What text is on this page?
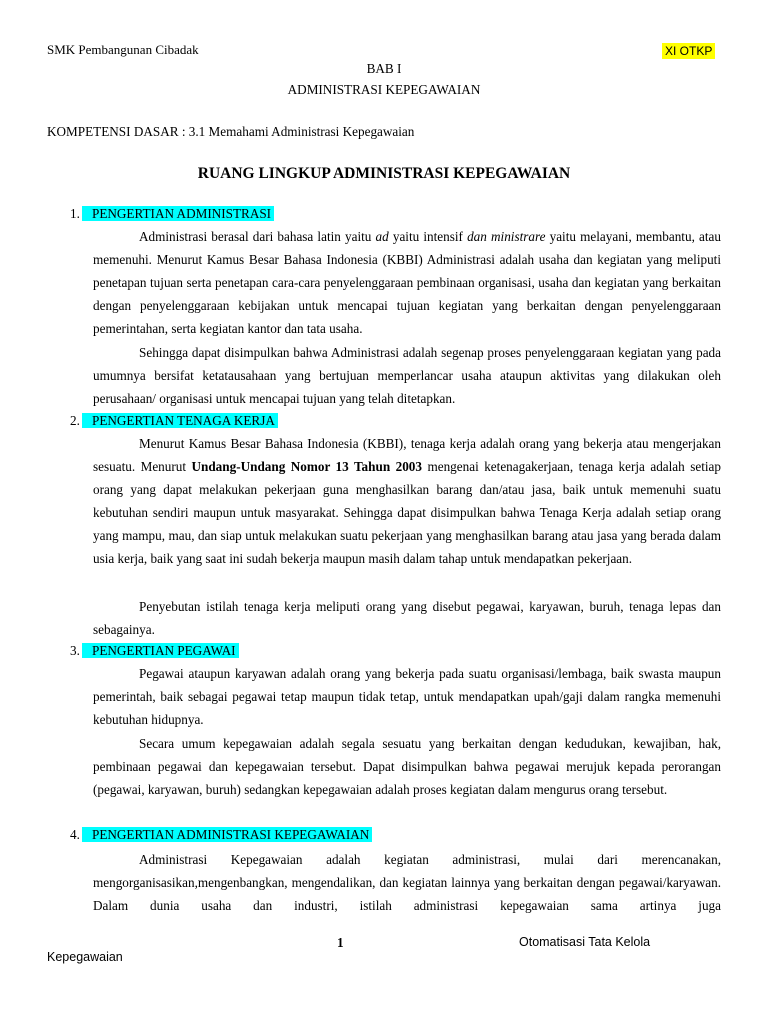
SMK Pembangunan Cibadak	XI OTKP
BAB I
ADMINISTRASI KEPEGAWAIAN
KOMPETENSI DASAR : 3.1 Memahami Administrasi Kepegawaian
RUANG LINGKUP ADMINISTRASI KEPEGAWAIAN
1. PENGERTIAN ADMINISTRASI
Administrasi berasal dari bahasa latin yaitu ad yaitu intensif dan ministrare yaitu melayani, membantu, atau memenuhi. Menurut Kamus Besar Bahasa Indonesia (KBBI) Administrasi adalah usaha dan kegiatan yang meliputi penetapan tujuan serta penetapan cara-cara penyelenggaraan pembinaan organisasi, usaha dan kegiatan yang berkaitan dengan penyelenggaraan kebijakan untuk mencapai tujuan kegiatan yang berkaitan dengan penyelenggaraan pemerintahan, serta kegiatan kantor dan tata usaha.
Sehingga dapat disimpulkan bahwa Administrasi adalah segenap proses penyelenggaraan kegiatan yang pada umumnya bersifat ketatausahaan yang bertujuan memperlancar usaha ataupun aktivitas yang dilakukan oleh perusahaan/ organisasi untuk mencapai tujuan yang telah ditetapkan.
2. PENGERTIAN TENAGA KERJA
Menurut Kamus Besar Bahasa Indonesia (KBBI), tenaga kerja adalah orang yang bekerja atau mengerjakan sesuatu. Menurut Undang-Undang Nomor 13 Tahun 2003 mengenai ketenagakerjaan, tenaga kerja adalah setiap orang yang dapat melakukan pekerjaan guna menghasilkan barang dan/atau jasa, baik untuk memenuhi suatu kebutuhan sendiri maupun untuk masyarakat. Sehingga dapat disimpulkan bahwa Tenaga Kerja adalah setiap orang yang mampu, mau, dan siap untuk melakukan suatu pekerjaan yang menghasilkan barang atau jasa yang berada dalam usia kerja, baik yang saat ini sudah bekerja maupun masih dalam tahap untuk mendapatkan pekerjaan.
Penyebutan istilah tenaga kerja meliputi orang yang disebut pegawai, karyawan, buruh, tenaga lepas dan sebagainya.
3. PENGERTIAN PEGAWAI
Pegawai ataupun karyawan adalah orang yang bekerja pada suatu organisasi/lembaga, baik swasta maupun pemerintah, baik sebagai pegawai tetap maupun tidak tetap, untuk mendapatkan upah/gaji dalam rangka memenuhi kebutuhan hidupnya.
Secara umum kepegawaian adalah segala sesuatu yang berkaitan dengan kedudukan, kewajiban, hak, pembinaan pegawai dan kepegawaian tersebut. Dapat disimpulkan bahwa pegawai merujuk kepada perorangan (pegawai, karyawan, buruh) sedangkan kepegawaian adalah proses kegiatan dalam mengurus orang tersebut.
4. PENGERTIAN ADMINISTRASI KEPEGAWAIAN
Administrasi Kepegawaian adalah kegiatan administrasi, mulai dari merencanakan, mengorganisasikan,mengenbangkan, mengendalikan, dan kegiatan lainnya yang berkaitan dengan pegawai/karyawan. Dalam dunia usaha dan industri, istilah administrasi kepegawaian sama artinya juga
1	Otomatisasi Tata Kelola
Kepegawaian
